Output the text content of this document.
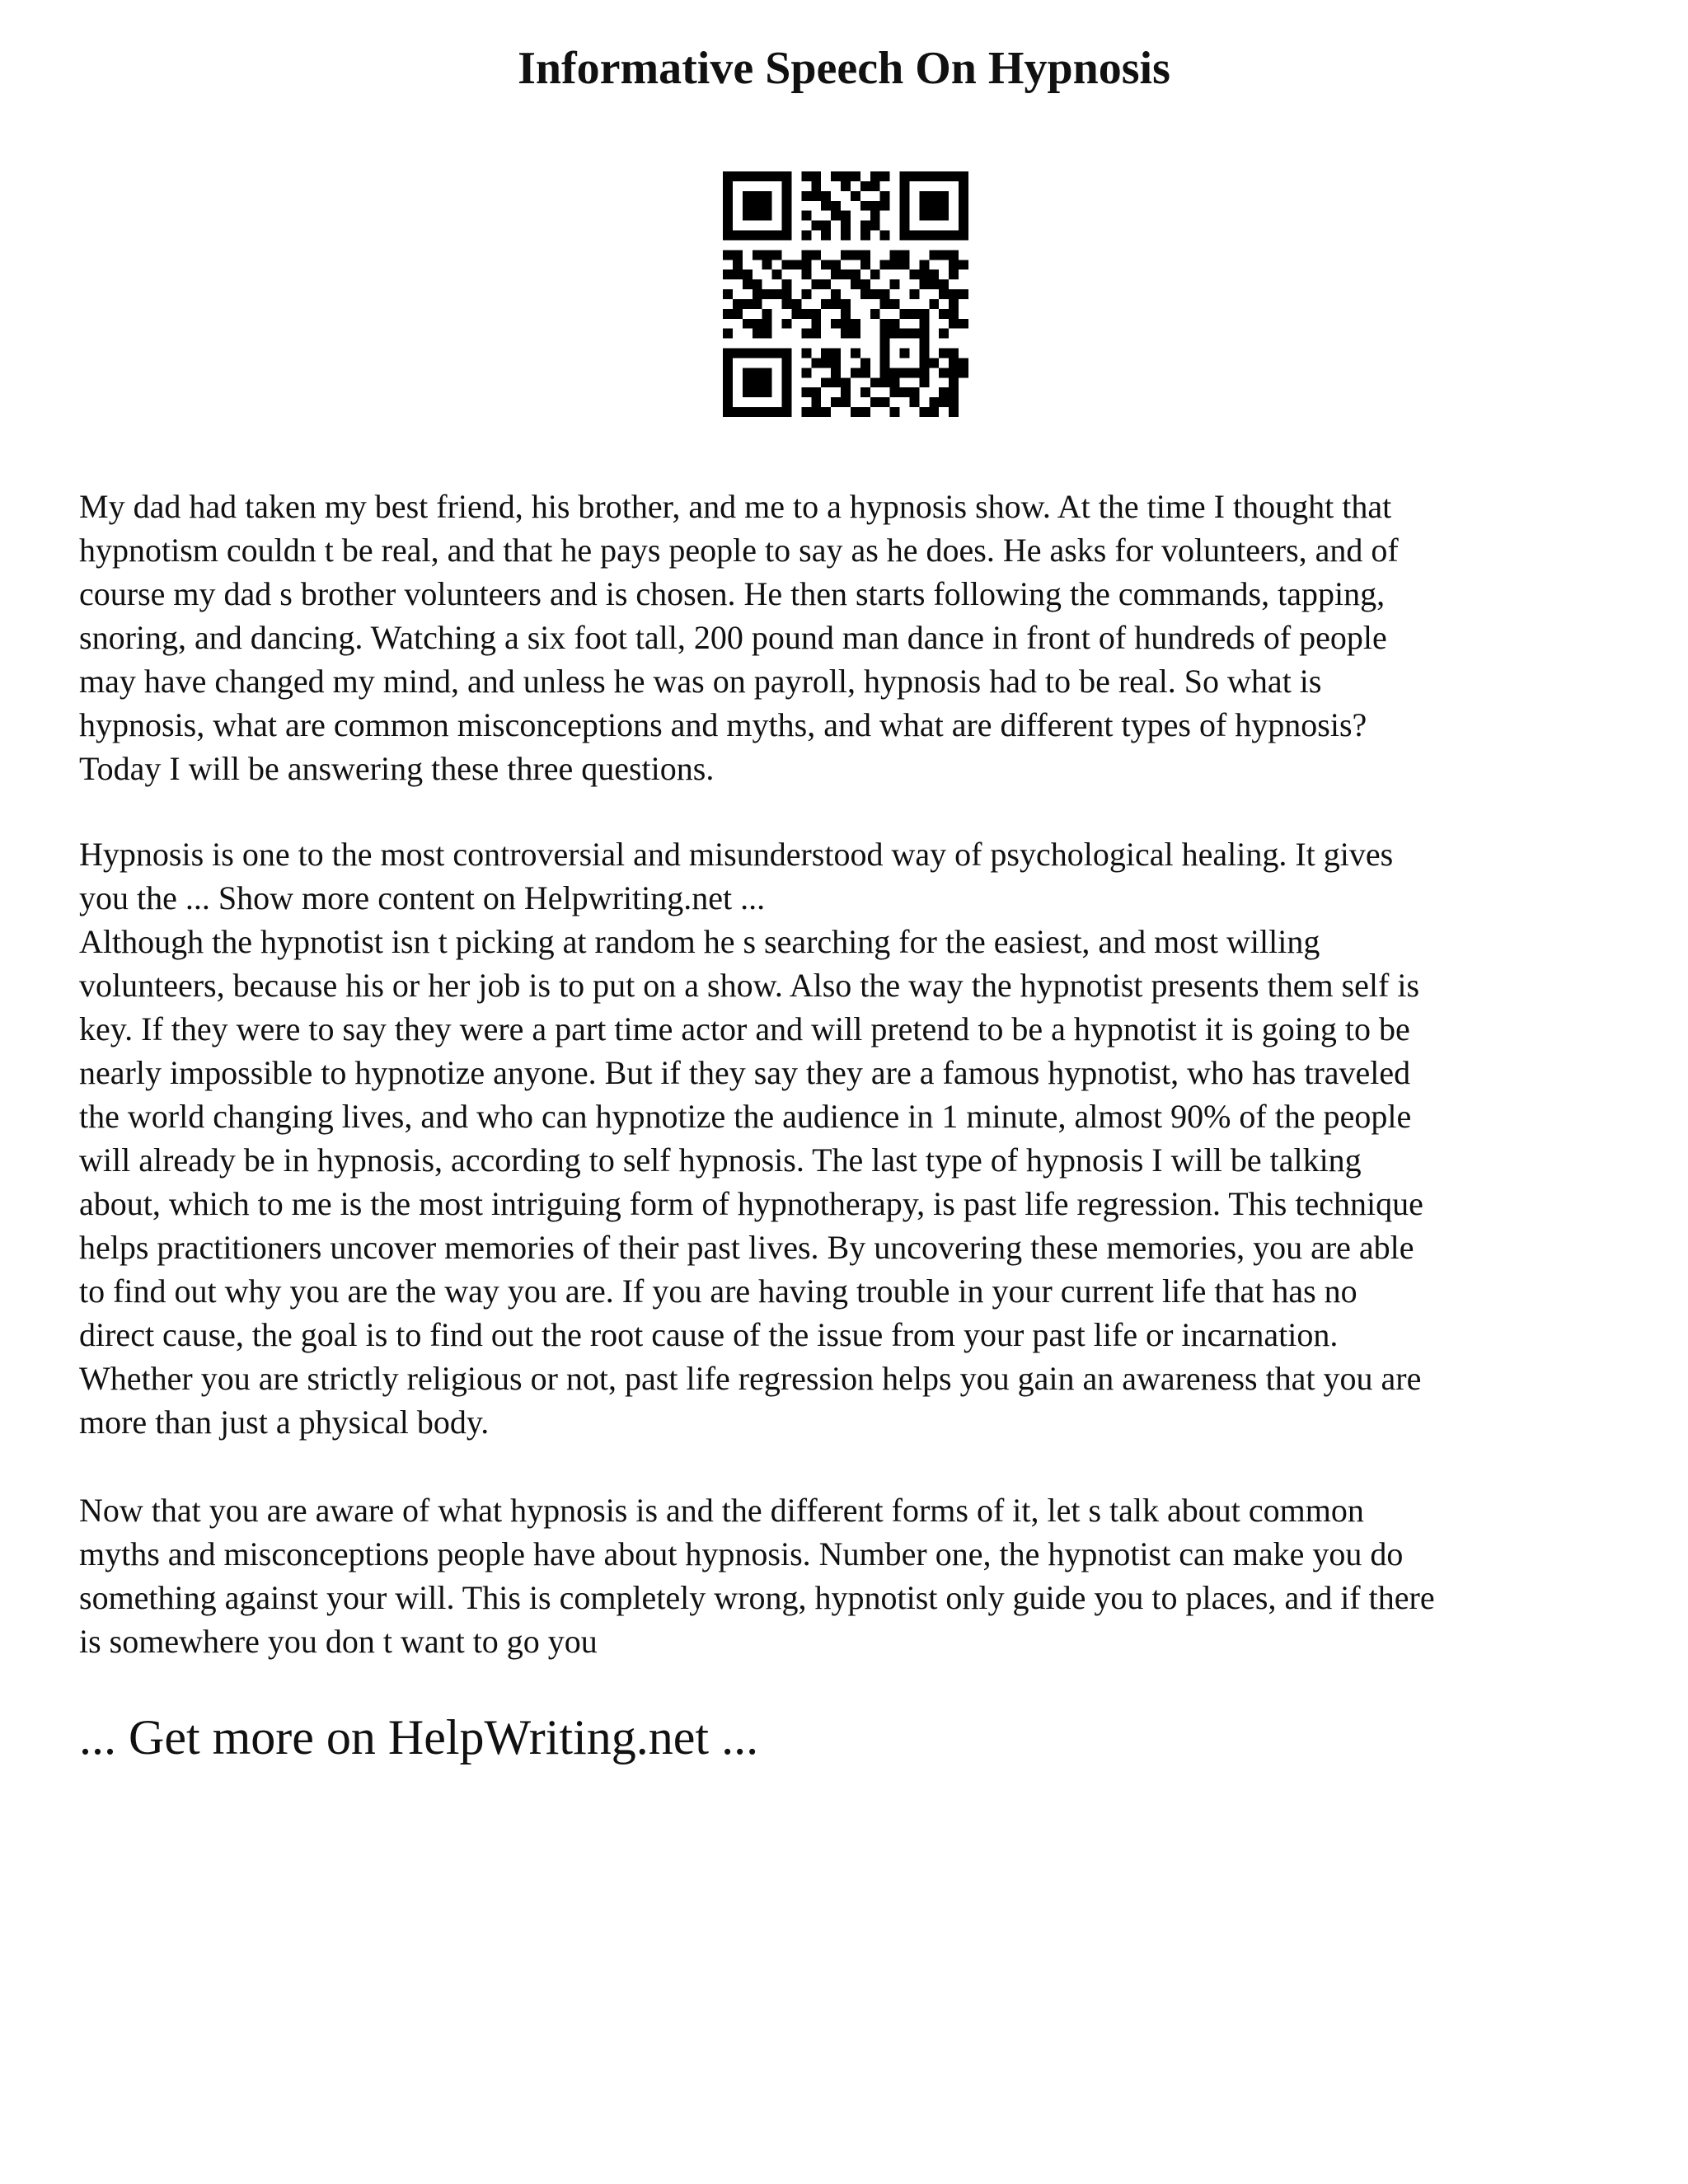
Informative Speech On Hypnosis

My dad had taken my best friend, his brother, and me to a hypnosis show. At the time I thought that
hypnotism couldn t be real, and that he pays people to say as he does. He asks for volunteers, and of
course my dad s brother volunteers and is chosen. He then starts following the commands, tapping,
snoring, and dancing. Watching a six foot tall, 200 pound man dance in front of hundreds of people
may have changed my mind, and unless he was on payroll, hypnosis had to be real. So what is
hypnosis, what are common misconceptions and myths, and what are different types of hypnosis?
Today I will be answering these three questions.

Hypnosis is one to the most controversial and misunderstood way of psychological healing. It gives
you the ... Show more content on Helpwriting.net ...
Although the hypnotist isn t picking at random he s searching for the easiest, and most willing
volunteers, because his or her job is to put on a show. Also the way the hypnotist presents them self is
key. If they were to say they were a part time actor and will pretend to be a hypnotist it is going to be
nearly impossible to hypnotize anyone. But if they say they are a famous hypnotist, who has traveled
the world changing lives, and who can hypnotize the audience in 1 minute, almost 90% of the people
will already be in hypnosis, according to self hypnosis. The last type of hypnosis I will be talking
about, which to me is the most intriguing form of hypnotherapy, is past life regression. This technique
helps practitioners uncover memories of their past lives. By uncovering these memories, you are able
to find out why you are the way you are. If you are having trouble in your current life that has no
direct cause, the goal is to find out the root cause of the issue from your past life or incarnation.
Whether you are strictly religious or not, past life regression helps you gain an awareness that you are
more than just a physical body.

Now that you are aware of what hypnosis is and the different forms of it, let s talk about common
myths and misconceptions people have about hypnosis. Number one, the hypnotist can make you do
something against your will. This is completely wrong, hypnotist only guide you to places, and if there
is somewhere you don t want to go you

... Get more on HelpWriting.net ...
